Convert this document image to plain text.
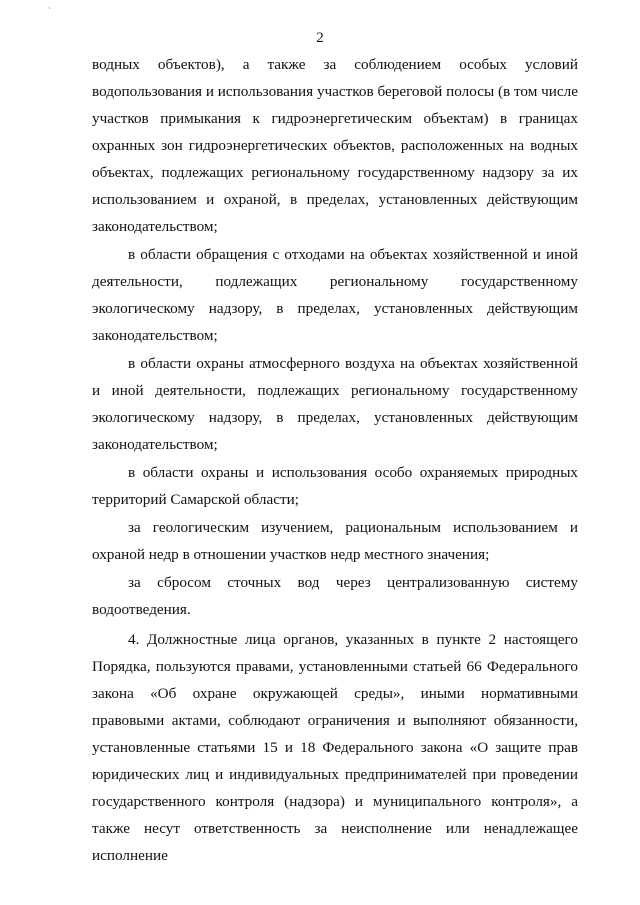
`
2

водных объектов), а также за соблюдением особых условий водопользования и использования участков береговой полосы (в том числе участков примыкания к гидроэнергетическим объектам) в границах охранных зон гидроэнергетических объектов, расположенных на водных объектах, подлежащих региональному государственному надзору за их использованием и охраной, в пределах, установленных действующим законодательством;

в области обращения с отходами на объектах хозяйственной и иной деятельности, подлежащих региональному государственному экологическому надзору, в пределах, установленных действующим законодательством;

в области охраны атмосферного воздуха на объектах хозяйственной и иной деятельности, подлежащих региональному государственному экологическому надзору, в пределах, установленных действующим законодательством;

в области охраны и использования особо охраняемых природных территорий Самарской области;

за геологическим изучением, рациональным использованием и охраной недр в отношении участков недр местного значения;

за сбросом сточных вод через централизованную систему водоотведения.

4. Должностные лица органов, указанных в пункте 2 настоящего Порядка, пользуются правами, установленными статьей 66 Федерального закона «Об охране окружающей среды», иными нормативными правовыми актами, соблюдают ограничения и выполняют обязанности, установленные статьями 15 и 18 Федерального закона «О защите прав юридических лиц и индивидуальных предпринимателей при проведении государственного контроля (надзора) и муниципального контроля», а также несут ответственность за неисполнение или ненадлежащее исполнение
